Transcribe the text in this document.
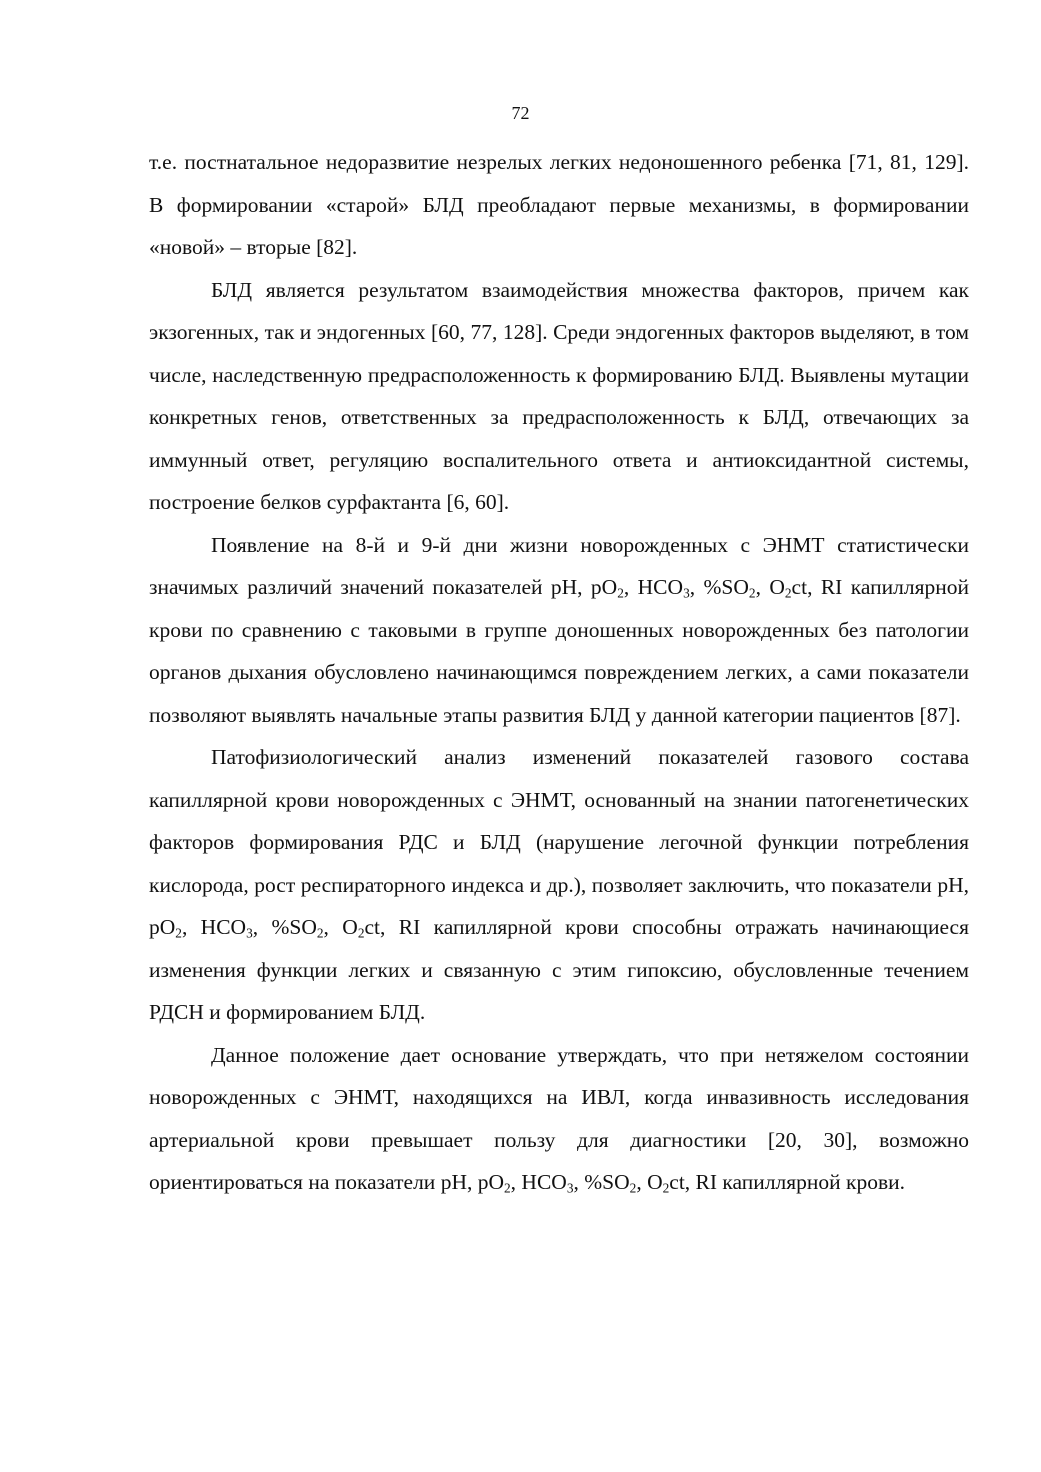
72

т.е. постнатальное недоразвитие незрелых легких недоношенного ребенка [71, 81, 129]. В формировании «старой» БЛД преобладают первые механизмы, в формировании «новой» – вторые [82].

БЛД является результатом взаимодействия множества факторов, причем как экзогенных, так и эндогенных [60, 77, 128]. Среди эндогенных факторов выделяют, в том числе, наследственную предрасположенность к формированию БЛД. Выявлены мутации конкретных генов, ответственных за предрасположенность к БЛД, отвечающих за иммунный ответ, регуляцию воспалительного ответа и антиоксидантной системы, построение белков сурфактанта [6, 60].

Появление на 8-й и 9-й дни жизни новорожденных с ЭНМТ статистически значимых различий значений показателей pH, $pO_2$, $HCO_3$, $\%SO_2$, $O_2ct$, RI капиллярной крови по сравнению с таковыми в группе доношенных новорожденных без патологии органов дыхания обусловлено начинающимся повреждением легких, а сами показатели позволяют выявлять начальные этапы развития БЛД у данной категории пациентов [87].

Патофизиологический анализ изменений показателей газового состава капиллярной крови новорожденных с ЭНМТ, основанный на знании патогенетических факторов формирования РДС и БЛД (нарушение легочной функции потребления кислорода, рост респираторного индекса и др.), позволяет заключить, что показатели pH, $pO_2$, $HCO_3$, $\%SO_2$, $O_2ct$, RI капиллярной крови способны отражать начинающиеся изменения функции легких и связанную с этим гипоксию, обусловленные течением РДСН и формированием БЛД.

Данное положение дает основание утверждать, что при нетяжелом состоянии новорожденных с ЭНМТ, находящихся на ИВЛ, когда инвазивность исследования артериальной крови превышает пользу для диагностики [20, 30], возможно ориентироваться на показатели pH, $pO_2$, $HCO_3$, $\%SO_2$, $O_2ct$, RI капиллярной крови.
